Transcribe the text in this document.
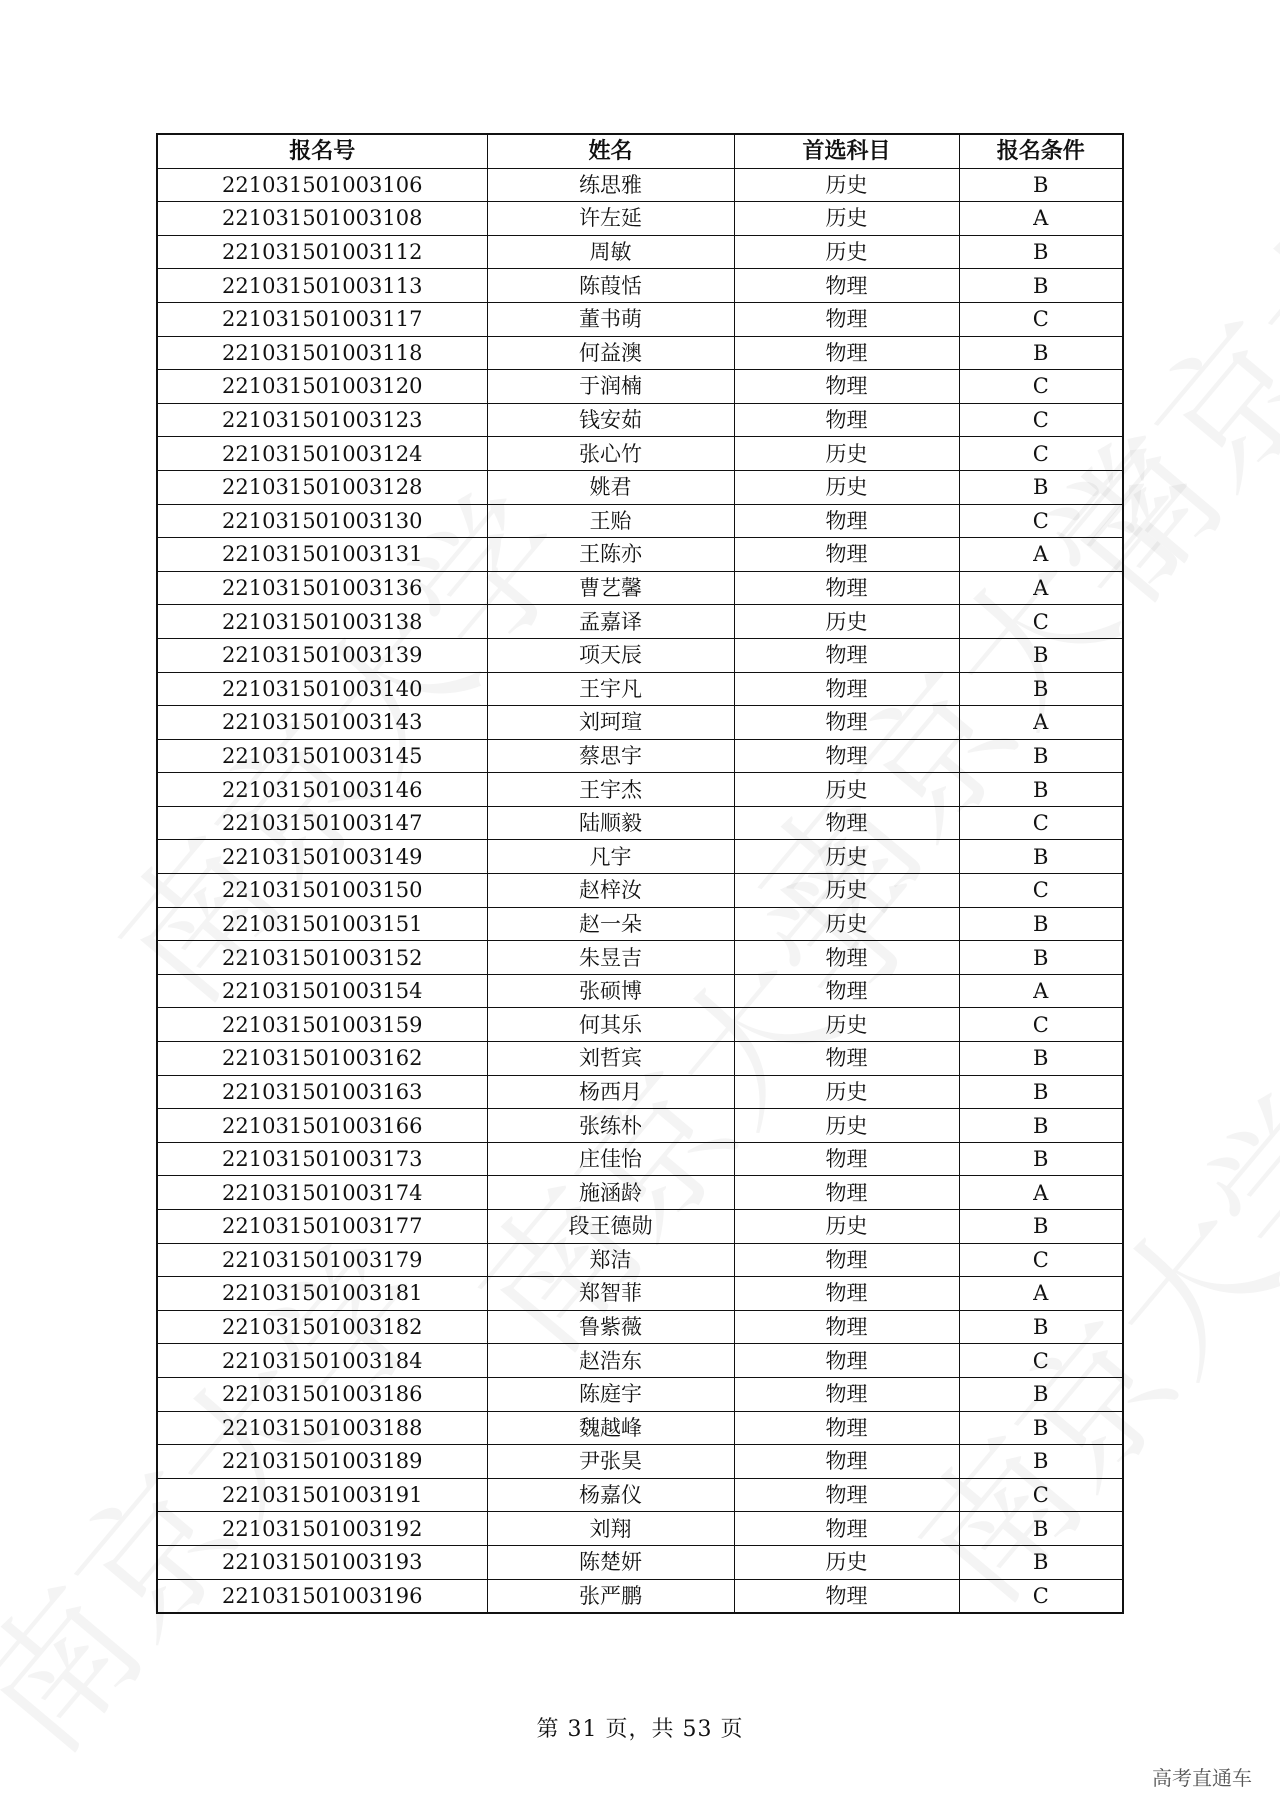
报名号	姓名	首选科目	报名条件
221031501003106	练思雅	历史	B
221031501003108	许左延	历史	A
221031501003112	周敏	历史	B
221031501003113	陈葭恬	物理	B
221031501003117	董书萌	物理	C
221031501003118	何益澳	物理	B
221031501003120	于润楠	物理	C
221031501003123	钱安茹	物理	C
221031501003124	张心竹	历史	C
221031501003128	姚君	历史	B
221031501003130	王贻	物理	C
221031501003131	王陈亦	物理	A
221031501003136	曹艺馨	物理	A
221031501003138	孟嘉译	历史	C
221031501003139	项天辰	物理	B
221031501003140	王宇凡	物理	B
221031501003143	刘珂瑄	物理	A
221031501003145	蔡思宇	物理	B
221031501003146	王宇杰	历史	B
221031501003147	陆顺毅	物理	C
221031501003149	凡宇	历史	B
221031501003150	赵梓汝	历史	C
221031501003151	赵一朵	历史	B
221031501003152	朱昱吉	物理	B
221031501003154	张硕博	物理	A
221031501003159	何其乐	历史	C
221031501003162	刘哲宾	物理	B
221031501003163	杨西月	历史	B
221031501003166	张练朴	历史	B
221031501003173	庄佳怡	物理	B
221031501003174	施涵龄	物理	A
221031501003177	段王德勋	历史	B
221031501003179	郑洁	物理	C
221031501003181	郑智菲	物理	A
221031501003182	鲁紫薇	物理	B
221031501003184	赵浩东	物理	C
221031501003186	陈庭宇	物理	B
221031501003188	魏越峰	物理	B
221031501003189	尹张昊	物理	B
221031501003191	杨嘉仪	物理	C
221031501003192	刘翔	物理	B
221031501003193	陈楚妍	历史	B
221031501003196	张严鹏	物理	C
第 31 页，共 53 页
高考直通车
